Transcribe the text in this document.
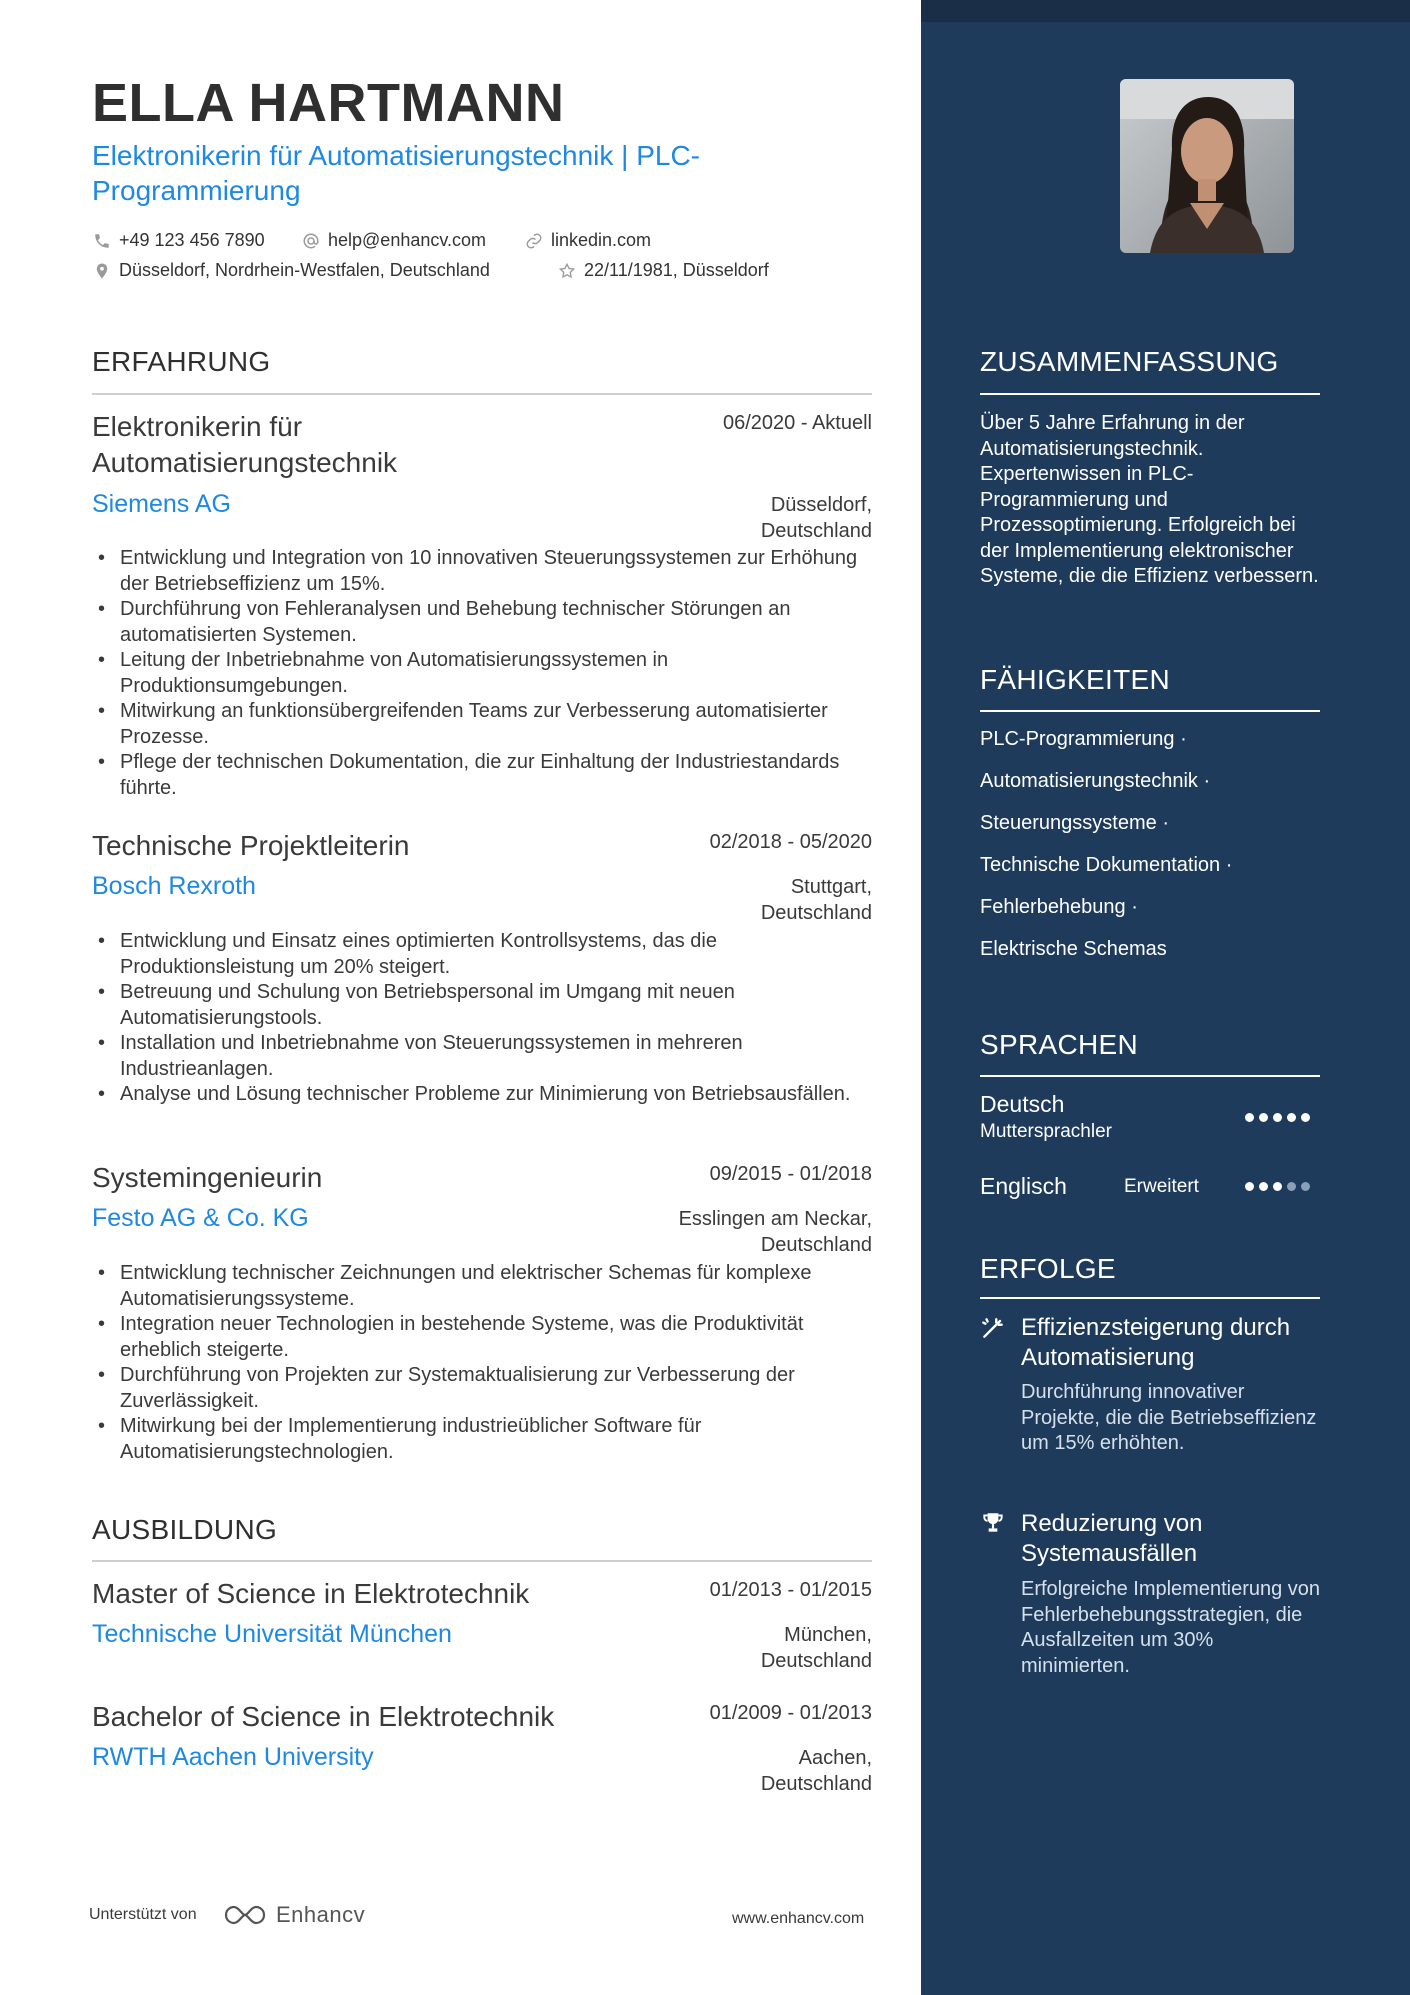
ELLA HARTMANN
Elektronikerin für Automatisierungstechnik | PLC-Programmierung
+49 123 456 7890	help@enhancv.com	linkedin.com
Düsseldorf, Nordrhein-Westfalen, Deutschland	22/11/1981, Düsseldorf
ERFAHRUNG
Elektronikerin für Automatisierungstechnik
06/2020 - Aktuell
Siemens AG	Düsseldorf, Deutschland
• Entwicklung und Integration von 10 innovativen Steuerungssystemen zur Erhöhung der Betriebseffizienz um 15%.
• Durchführung von Fehleranalysen und Behebung technischer Störungen an automatisierten Systemen.
• Leitung der Inbetriebnahme von Automatisierungssystemen in Produktionsumgebungen.
• Mitwirkung an funktionsübergreifenden Teams zur Verbesserung automatisierter Prozesse.
• Pflege der technischen Dokumentation, die zur Einhaltung der Industriestandards führte.
Technische Projektleiterin	02/2018 - 05/2020
Bosch Rexroth	Stuttgart, Deutschland
• Entwicklung und Einsatz eines optimierten Kontrollsystems, das die Produktionsleistung um 20% steigert.
• Betreuung und Schulung von Betriebspersonal im Umgang mit neuen Automatisierungstools.
• Installation und Inbetriebnahme von Steuerungssystemen in mehreren Industrieanlagen.
• Analyse und Lösung technischer Probleme zur Minimierung von Betriebsausfällen.
Systemingenieurin	09/2015 - 01/2018
Festo AG & Co. KG	Esslingen am Neckar, Deutschland
• Entwicklung technischer Zeichnungen und elektrischer Schemas für komplexe Automatisierungssysteme.
• Integration neuer Technologien in bestehende Systeme, was die Produktivität erheblich steigerte.
• Durchführung von Projekten zur Systemaktualisierung zur Verbesserung der Zuverlässigkeit.
• Mitwirkung bei der Implementierung industrieüblicher Software für Automatisierungstechnologien.
AUSBILDUNG
Master of Science in Elektrotechnik	01/2013 - 01/2015
Technische Universität München	München, Deutschland
Bachelor of Science in Elektrotechnik	01/2009 - 01/2013
RWTH Aachen University	Aachen, Deutschland
Unterstützt von	Enhancv	www.enhancv.com
ZUSAMMENFASSUNG
Über 5 Jahre Erfahrung in der Automatisierungstechnik. Expertenwissen in PLC-Programmierung und Prozessoptimierung. Erfolgreich bei der Implementierung elektronischer Systeme, die die Effizienz verbessern.
FÄHIGKEITEN
PLC-Programmierung ·
Automatisierungstechnik ·
Steuerungssysteme ·
Technische Dokumentation ·
Fehlerbehebung ·
Elektrische Schemas
SPRACHEN
Deutsch
Muttersprachler
Englisch	Erweitert
ERFOLGE
Effizienzsteigerung durch Automatisierung
Durchführung innovativer Projekte, die die Betriebseffizienz um 15% erhöhten.
Reduzierung von Systemausfällen
Erfolgreiche Implementierung von Fehlerbehebungsstrategien, die Ausfallzeiten um 30% minimierten.
